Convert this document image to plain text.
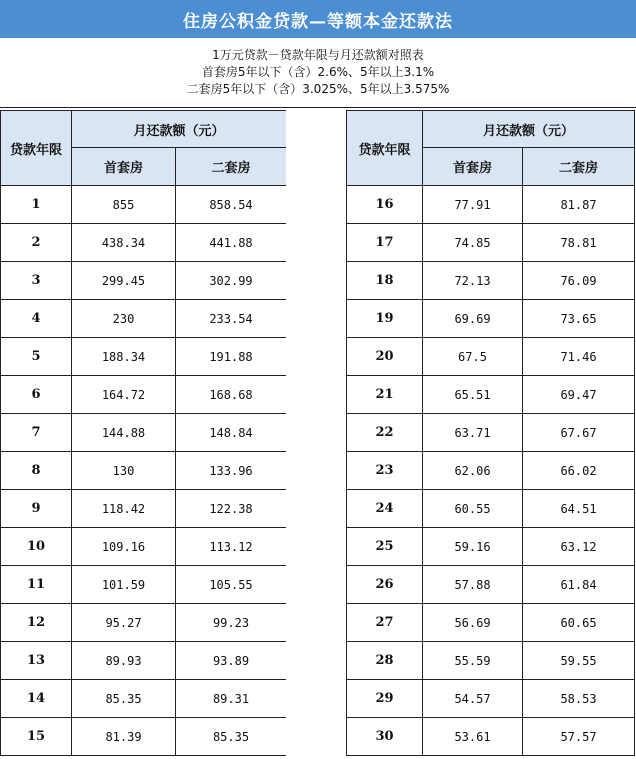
住房公积金贷款—等额本金还款法
1万元贷款－贷款年限与月还款额对照表
首套房5年以下（含）2.6%、5年以上3.1%
二套房5年以下（含）3.025%、5年以上3.575%
贷款年限	月还款额（元）	
	首套房	二套房
1	855	858.54
2	438.34	441.88
3	299.45	302.99
4	230	233.54
5	188.34	191.88
6	164.72	168.68
7	144.88	148.84
8	130	133.96
9	118.42	122.38
10	109.16	113.12
11	101.59	105.55
12	95.27	99.23
13	89.93	93.89
14	85.35	89.31
15	81.39	85.35
贷款年限	月还款额（元）	
	首套房	二套房
16	77.91	81.87
17	74.85	78.81
18	72.13	76.09
19	69.69	73.65
20	67.5	71.46
21	65.51	69.47
22	63.71	67.67
23	62.06	66.02
24	60.55	64.51
25	59.16	63.12
26	57.88	61.84
27	56.69	60.65
28	55.59	59.55
29	54.57	58.53
30	53.61	57.57
